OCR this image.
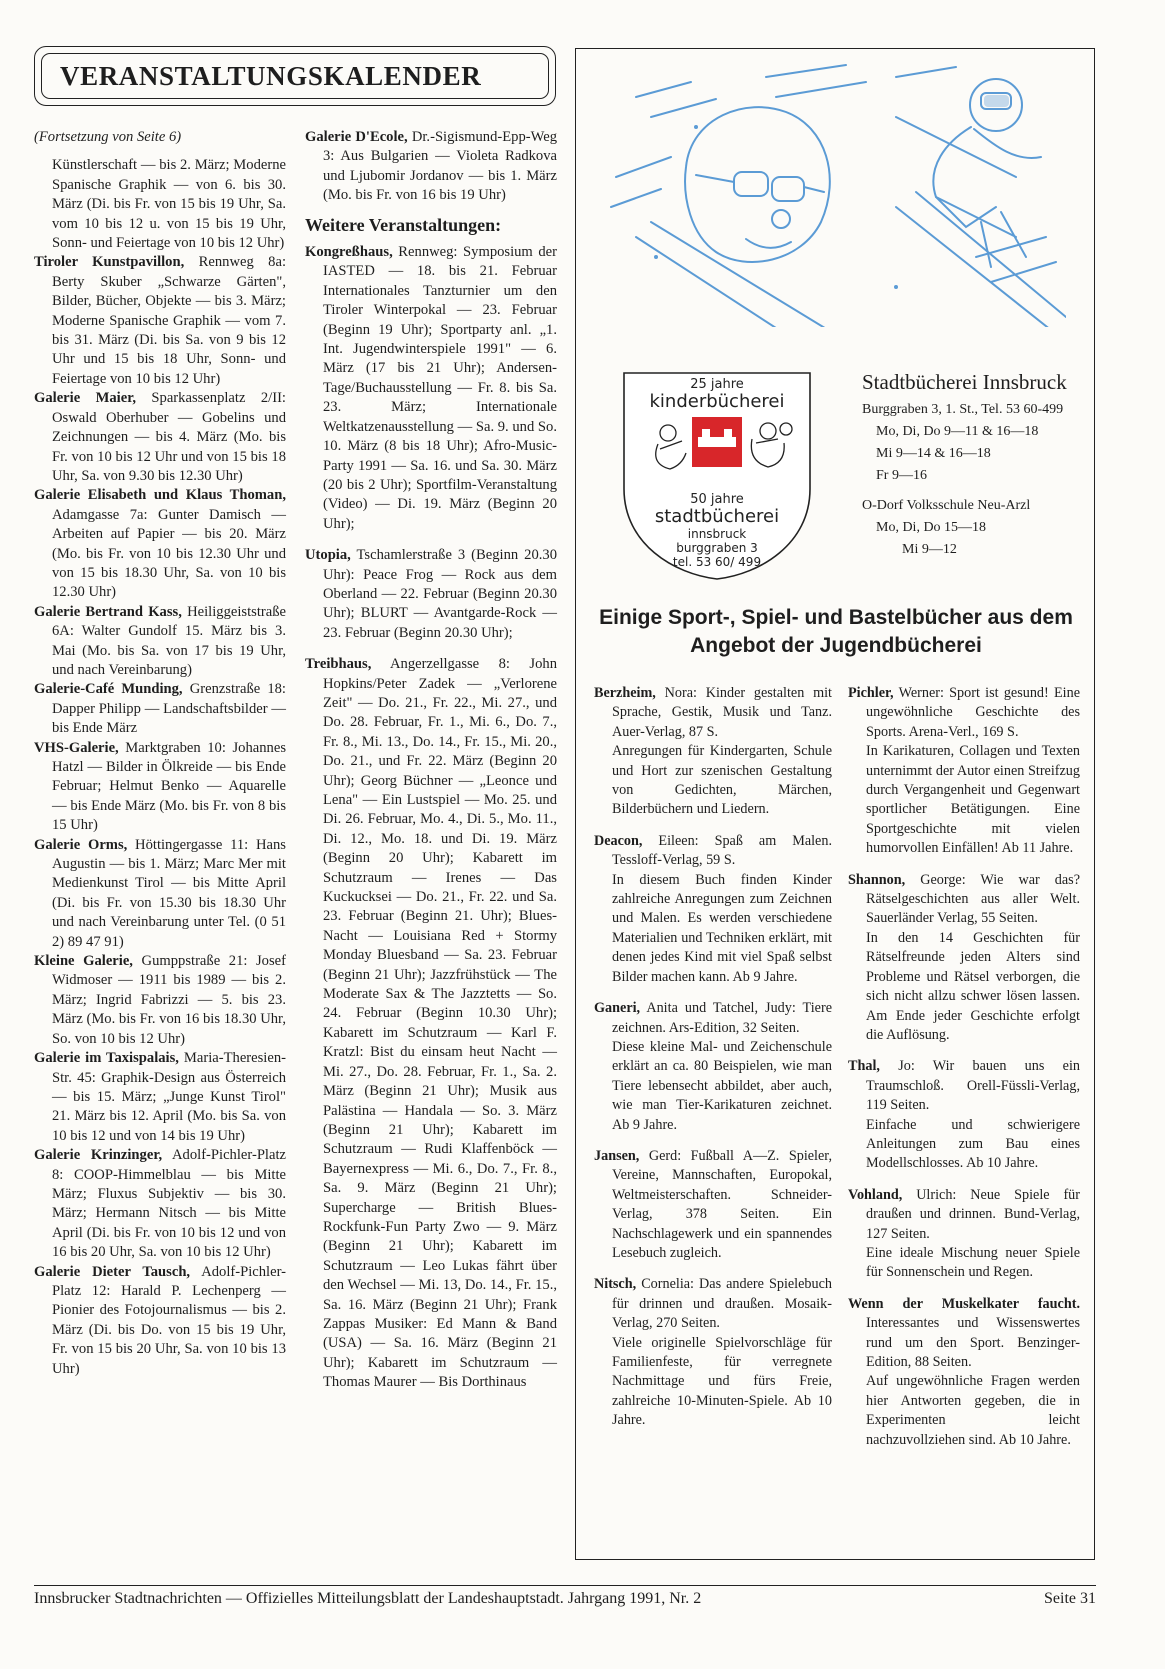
VERANSTALTUNGSKALENDER

(Fortsetzung von Seite 6)

Künstlerschaft — bis 2. März; Moderne Spanische Graphik — von 6. bis 30. März (Di. bis Fr. von 15 bis 19 Uhr, Sa. vom 10 bis 12 u. von 15 bis 19 Uhr, Sonn- und Feiertage von 10 bis 12 Uhr)

Tiroler Kunstpavillon, Rennweg 8a: Berty Skuber „Schwarze Gärten", Bilder, Bücher, Objekte — bis 3. März; Moderne Spanische Graphik — vom 7. bis 31. März (Di. bis Sa. von 9 bis 12 Uhr und 15 bis 18 Uhr, Sonn- und Feiertage von 10 bis 12 Uhr)

Galerie Maier, Sparkassenplatz 2/II: Oswald Oberhuber — Gobelins und Zeichnungen — bis 4. März (Mo. bis Fr. von 10 bis 12 Uhr und von 15 bis 18 Uhr, Sa. von 9.30 bis 12.30 Uhr)

Galerie Elisabeth und Klaus Thoman, Adamgasse 7a: Gunter Damisch — Arbeiten auf Papier — bis 20. März (Mo. bis Fr. von 10 bis 12.30 Uhr und von 15 bis 18.30 Uhr, Sa. von 10 bis 12.30 Uhr)

Galerie Bertrand Kass, Heiliggeiststraße 6A: Walter Gundolf 15. März bis 3. Mai (Mo. bis Sa. von 17 bis 19 Uhr, und nach Vereinbarung)

Galerie-Café Munding, Grenzstraße 18: Dapper Philipp — Landschaftsbilder — bis Ende März

VHS-Galerie, Marktgraben 10: Johannes Hatzl — Bilder in Ölkreide — bis Ende Februar; Helmut Benko — Aquarelle — bis Ende März (Mo. bis Fr. von 8 bis 15 Uhr)

Galerie Orms, Höttingergasse 11: Hans Augustin — bis 1. März; Marc Mer mit Medienkunst Tirol — bis Mitte April (Di. bis Fr. von 15.30 bis 18.30 Uhr und nach Vereinbarung unter Tel. (0 51 2) 89 47 91)

Kleine Galerie, Gumppstraße 21: Josef Widmoser — 1911 bis 1989 — bis 2. März; Ingrid Fabrizzi — 5. bis 23. März (Mo. bis Fr. von 16 bis 18.30 Uhr, So. von 10 bis 12 Uhr)

Galerie im Taxispalais, Maria-Theresien-Str. 45: Graphik-Design aus Österreich — bis 15. März; „Junge Kunst Tirol" 21. März bis 12. April (Mo. bis Sa. von 10 bis 12 und von 14 bis 19 Uhr)

Galerie Krinzinger, Adolf-Pichler-Platz 8: COOP-Himmelblau — bis Mitte März; Fluxus Subjektiv — bis 30. März; Hermann Nitsch — bis Mitte April (Di. bis Fr. von 10 bis 12 und von 16 bis 20 Uhr, Sa. von 10 bis 12 Uhr)

Galerie Dieter Tausch, Adolf-Pichler-Platz 12: Harald P. Lechenperg — Pionier des Fotojournalismus — bis 2. März (Di. bis Do. von 15 bis 19 Uhr, Fr. von 15 bis 20 Uhr, Sa. von 10 bis 13 Uhr)

Galerie D'Ecole, Dr.-Sigismund-Epp-Weg 3: Aus Bulgarien — Violeta Radkova und Ljubomir Jordanov — bis 1. März (Mo. bis Fr. von 16 bis 19 Uhr)

Weitere Veranstaltungen:

Kongreßhaus, Rennweg: Symposium der IASTED — 18. bis 21. Februar Internationales Tanzturnier um den Tiroler Winterpokal — 23. Februar (Beginn 19 Uhr); Sportparty anl. „1. Int. Jugendwinterspiele 1991" — 6. März (17 bis 21 Uhr); Andersen-Tage/Buchausstellung — Fr. 8. bis Sa. 23. März; Internationale Weltkatzenausstellung — Sa. 9. und So. 10. März (8 bis 18 Uhr); Afro-Music-Party 1991 — Sa. 16. und Sa. 30. März (20 bis 2 Uhr); Sportfilm-Veranstaltung (Video) — Di. 19. März (Beginn 20 Uhr);

Utopia, Tschamlerstraße 3 (Beginn 20.30 Uhr): Peace Frog — Rock aus dem Oberland — 22. Februar (Beginn 20.30 Uhr); BLURT — Avantgarde-Rock — 23. Februar (Beginn 20.30 Uhr);

Treibhaus, Angerzellgasse 8: John Hopkins/Peter Zadek — „Verlorene Zeit" — Do. 21., Fr. 22., Mi. 27., und Do. 28. Februar, Fr. 1., Mi. 6., Do. 7., Fr. 8., Mi. 13., Do. 14., Fr. 15., Mi. 20., Do. 21., und Fr. 22. März (Beginn 20 Uhr); Georg Büchner — „Leonce und Lena" — Ein Lustspiel — Mo. 25. und Di. 26. Februar, Mo. 4., Di. 5., Mo. 11., Di. 12., Mo. 18. und Di. 19. März (Beginn 20 Uhr); Kabarett im Schutzraum — Irenes — Das Kuckucksei — Do. 21., Fr. 22. und Sa. 23. Februar (Beginn 21. Uhr); Blues-Nacht — Louisiana Red + Stormy Monday Bluesband — Sa. 23. Februar (Beginn 21 Uhr); Jazzfrühstück — The Moderate Sax & The Jazztetts — So. 24. Februar (Beginn 10.30 Uhr); Kabarett im Schutzraum — Karl F. Kratzl: Bist du einsam heut Nacht — Mi. 27., Do. 28. Februar, Fr. 1., Sa. 2. März (Beginn 21 Uhr); Musik aus Palästina — Handala — So. 3. März (Beginn 21 Uhr); Kabarett im Schutzraum — Rudi Klaffenböck — Bayernexpress — Mi. 6., Do. 7., Fr. 8., Sa. 9. März (Beginn 21 Uhr); Supercharge — British Blues-Rockfunk-Fun Party Zwo — 9. März (Beginn 21 Uhr); Kabarett im Schutzraum — Leo Lukas fährt über den Wechsel — Mi. 13, Do. 14., Fr. 15., Sa. 16. März (Beginn 21 Uhr); Frank Zappas Musiker: Ed Mann & Band (USA) — Sa. 16. März (Beginn 21 Uhr); Kabarett im Schutzraum — Thomas Maurer — Bis Dorthinaus

25 jahre
kinderbücherei
50 jahre
stadtbücherei
innsbruck
burggraben 3
tel. 53 60/ 499
Stadtbücherei Innsbruck
Burggraben 3, 1. St., Tel. 53 60-499
Mo, Di, Do 9—11 & 16—18
Mi 9—14 & 16—18
Fr 9—16
O-Dorf Volksschule Neu-Arzl
Mo, Di, Do 15—18
Mi 9—12
Einige Sport-, Spiel- und Bastelbücher aus dem Angebot der Jugendbücherei
Berzheim, Nora: Kinder gestalten mit Sprache, Gestik, Musik und Tanz. Auer-Verlag, 87 S.
Anregungen für Kindergarten, Schule und Hort zur szenischen Gestaltung von Gedichten, Märchen, Bilderbüchern und Liedern.
Deacon, Eileen: Spaß am Malen. Tessloff-Verlag, 59 S.
In diesem Buch finden Kinder zahlreiche Anregungen zum Zeichnen und Malen. Es werden verschiedene Materialien und Techniken erklärt, mit denen jedes Kind mit viel Spaß selbst Bilder machen kann. Ab 9 Jahre.
Ganeri, Anita und Tatchel, Judy: Tiere zeichnen. Ars-Edition, 32 Seiten.
Diese kleine Mal- und Zeichenschule erklärt an ca. 80 Beispielen, wie man Tiere lebensecht abbildet, aber auch, wie man Tier-Karikaturen zeichnet. Ab 9 Jahre.
Jansen, Gerd: Fußball A—Z. Spieler, Vereine, Mannschaften, Europokal, Weltmeisterschaften. Schneider-Verlag, 378 Seiten. Ein Nachschlagewerk und ein spannendes Lesebuch zugleich.
Nitsch, Cornelia: Das andere Spielebuch für drinnen und draußen. Mosaik-Verlag, 270 Seiten.
Viele originelle Spielvorschläge für Familienfeste, für verregnete Nachmittage und fürs Freie, zahlreiche 10-Minuten-Spiele. Ab 10 Jahre.
Pichler, Werner: Sport ist gesund! Eine ungewöhnliche Geschichte des Sports. Arena-Verl., 169 S.
In Karikaturen, Collagen und Texten unternimmt der Autor einen Streifzug durch Vergangenheit und Gegenwart sportlicher Betätigungen. Eine Sportgeschichte mit vielen humorvollen Einfällen! Ab 11 Jahre.
Shannon, George: Wie war das? Rätselgeschichten aus aller Welt. Sauerländer Verlag, 55 Seiten.
In den 14 Geschichten für Rätselfreunde jeden Alters sind Probleme und Rätsel verborgen, die sich nicht allzu schwer lösen lassen. Am Ende jeder Geschichte erfolgt die Auflösung.
Thal, Jo: Wir bauen uns ein Traumschloß. Orell-Füssli-Verlag, 119 Seiten.
Einfache und schwierigere Anleitungen zum Bau eines Modellschlosses. Ab 10 Jahre.
Vohland, Ulrich: Neue Spiele für draußen und drinnen. Bund-Verlag, 127 Seiten.
Eine ideale Mischung neuer Spiele für Sonnenschein und Regen.
Wenn der Muskelkater faucht. Interessantes und Wissenswertes rund um den Sport. Benzinger-Edition, 88 Seiten.
Auf ungewöhnliche Fragen werden hier Antworten gegeben, die in Experimenten leicht nachzuvollziehen sind. Ab 10 Jahre.
Innsbrucker Stadtnachrichten — Offizielles Mitteilungsblatt der Landeshauptstadt. Jahrgang 1991, Nr. 2	Seite 31
